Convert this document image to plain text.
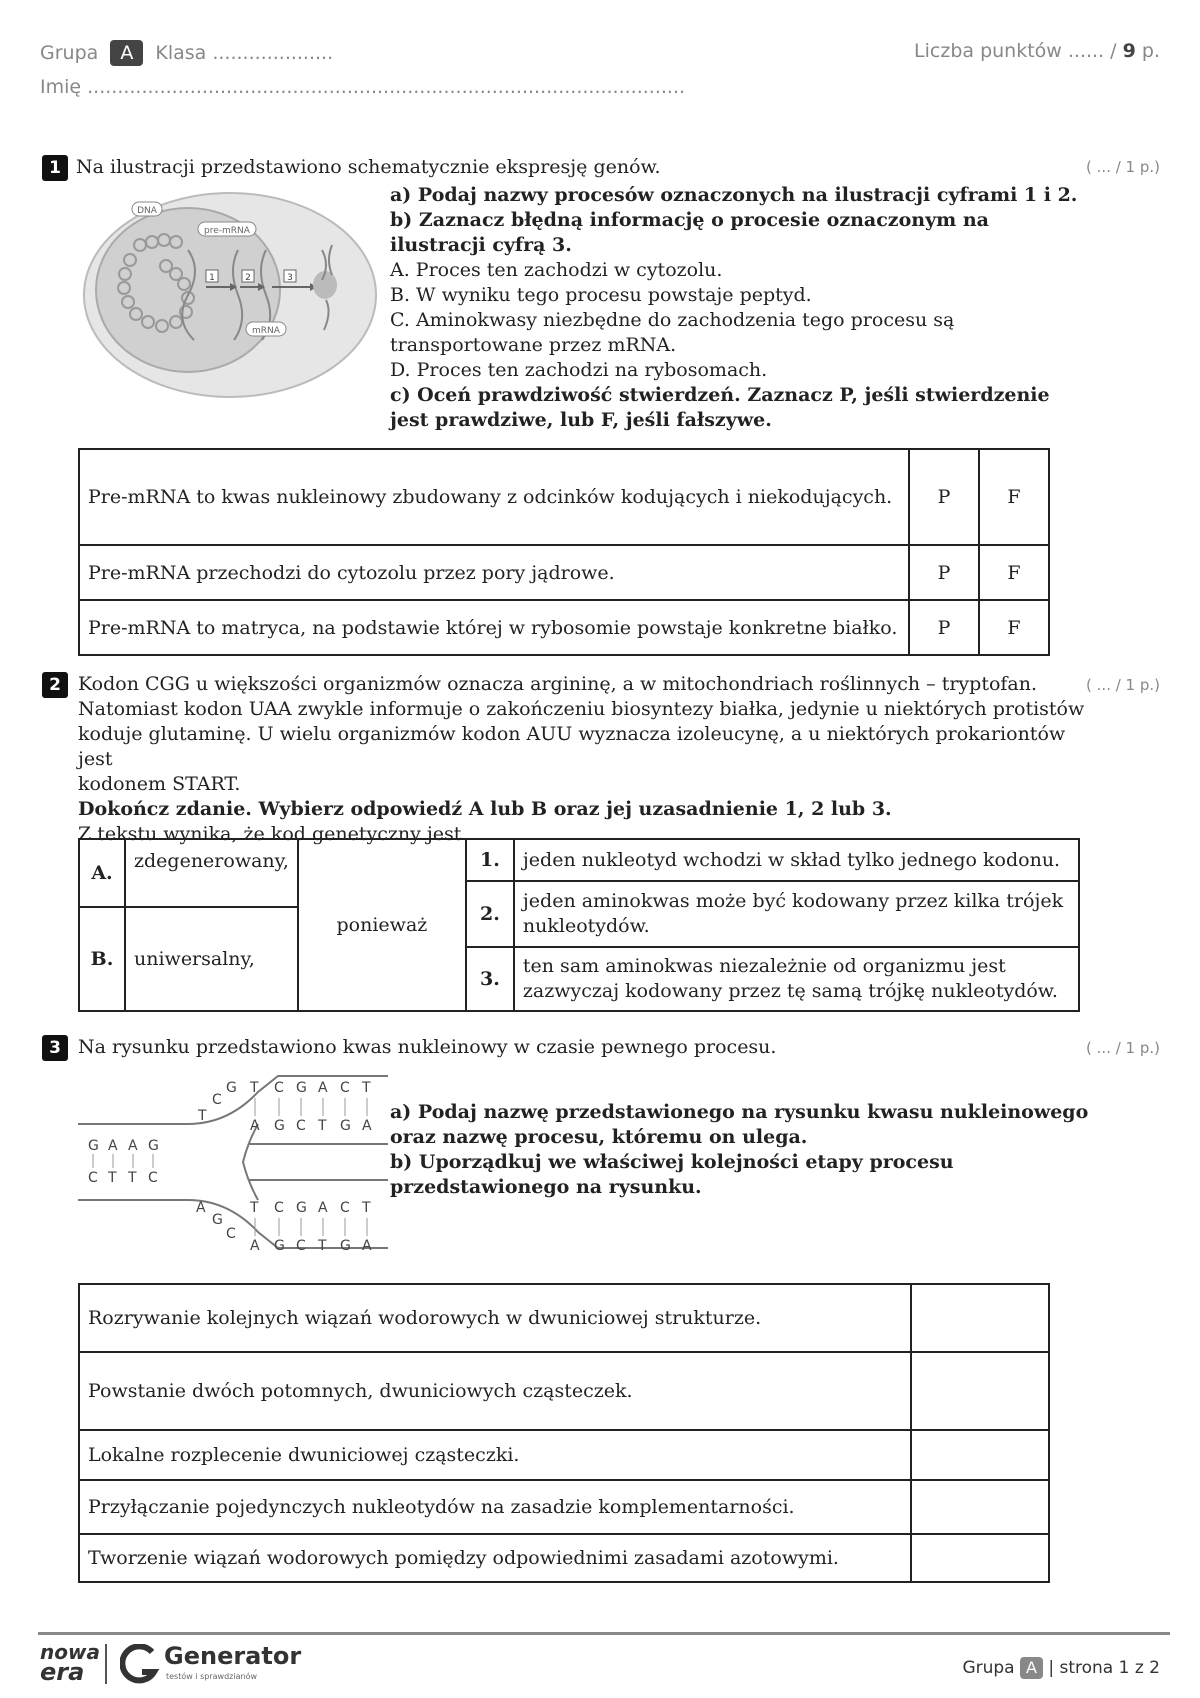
Grupa A Klasa ....................
Imię ...................................................................................................
Liczba punktów ...... / 9 p.
1 Na ilustracji przedstawiono schematycznie ekspresję genów.	( ... / 1 p.)
DNA
pre-mRNA
mRNA
1	2	3
a) Podaj nazwy procesów oznaczonych na ilustracji cyframi 1 i 2.
b) Zaznacz błędną informację o procesie oznaczonym na ilustracji cyfrą 3.
A. Proces ten zachodzi w cytozolu.
B. W wyniku tego procesu powstaje peptyd.
C. Aminokwasy niezbędne do zachodzenia tego procesu są transportowane przez mRNA.
D. Proces ten zachodzi na rybosomach.
c) Oceń prawdziwość stwierdzeń. Zaznacz P, jeśli stwierdzenie jest prawdziwe, lub F, jeśli fałszywe.
Pre-mRNA to kwas nukleinowy zbudowany z odcinków kodujących i niekodujących.	P	F
Pre-mRNA przechodzi do cytozolu przez pory jądrowe.	P	F
Pre-mRNA to matryca, na podstawie której w rybosomie powstaje konkretne białko.	P	F
2	( ... / 1 p.)
Kodon CGG u większości organizmów oznacza argininę, a w mitochondriach roślinnych – tryptofan.
Natomiast kodon UAA zwykle informuje o zakończeniu biosyntezy białka, jedynie u niektórych protistów
koduje glutaminę. U wielu organizmów kodon AUU wyznacza izoleucynę, a u niektórych prokariontów jest
kodonem START.
Dokończ zdanie. Wybierz odpowiedź A lub B oraz jej uzasadnienie 1, 2 lub 3.
Z tekstu wynika, że kod genetyczny jest
A.	zdegenerowany,	ponieważ	1.	jeden nukleotyd wchodzi w skład tylko jednego kodonu.
			2.	jeden aminokwas może być kodowany przez kilka trójek nukleotydów.
B.	uniwersalny,			
			3.	ten sam aminokwas niezależnie od organizmu jest zazwyczaj kodowany przez tę samą trójkę nukleotydów.

3 Na rysunku przedstawiono kwas nukleinowy w czasie pewnego procesu.	( ... / 1 p.)
G A A G
C T T C
T C G A C T
A G C T G A
T C G A C T
A G C T G A
T
C
G
A
G
C
a) Podaj nazwę przedstawionego na rysunku kwasu nukleinowego oraz nazwę procesu, któremu on ulega.
b) Uporządkuj we właściwej kolejności etapy procesu przedstawionego na rysunku.
Rozrywanie kolejnych wiązań wodorowych w dwuniciowej strukturze.	
Powstanie dwóch potomnych, dwuniciowych cząsteczek.	
Lokalne rozplecenie dwuniciowej cząsteczki.	
Przyłączanie pojedynczych nukleotydów na zasadzie komplementarności.	
Tworzenie wiązań wodorowych pomiędzy odpowiednimi zasadami azotowymi.	
nowa
era
Generator
testów i sprawdzianów	Grupa A | strona 1 z 2
